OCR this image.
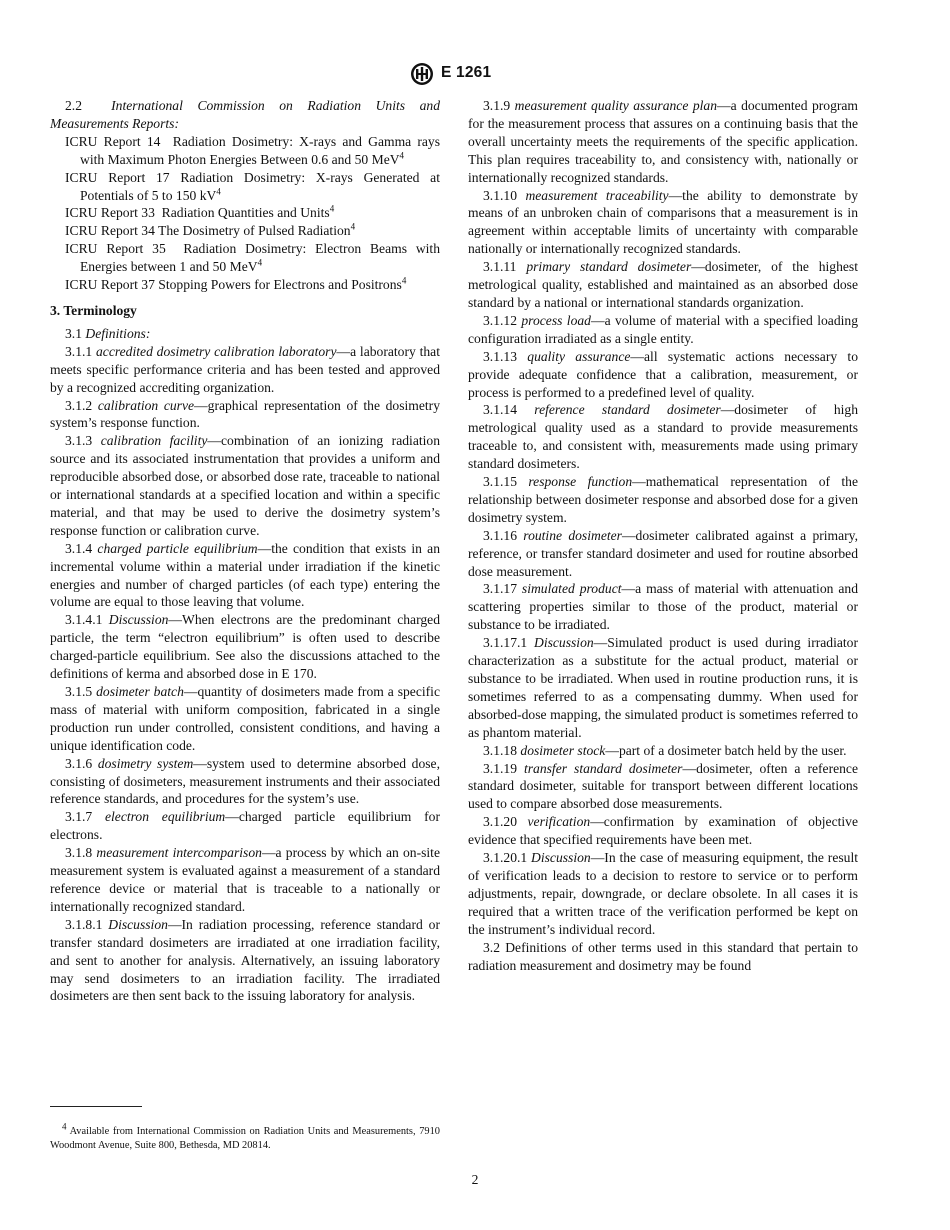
E 1261

2.2 International Commission on Radiation Units and Measurements Reports:

ICRU Report 14 Radiation Dosimetry: X-rays and Gamma rays with Maximum Photon Energies Between 0.6 and 50 MeV$^4$

ICRU Report 17 Radiation Dosimetry: X-rays Generated at Potentials of 5 to 150 $kV^4$

ICRU Report 33 Radiation Quantities and Units$^4$

ICRU Report 34 The Dosimetry of Pulsed Radiation$^4$

ICRU Report 35 Radiation Dosimetry: Electron Beams with Energies between 1 and 50 MeV$^4$

ICRU Report 37 Stopping Powers for Electrons and Positrons$^4$

3. Terminology

3.1 Definitions:

3.1.1 accredited dosimetry calibration laboratory—a laboratory that meets specific performance criteria and has been tested and approved by a recognized accrediting organization.

3.1.2 calibration curve—graphical representation of the dosimetry system’s response function.

3.1.3 calibration facility—combination of an ionizing radiation source and its associated instrumentation that provides a uniform and reproducible absorbed dose, or absorbed dose rate, traceable to national or international standards at a specified location and within a specific material, and that may be used to derive the dosimetry system’s response function or calibration curve.

3.1.4 charged particle equilibrium—the condition that exists in an incremental volume within a material under irradiation if the kinetic energies and number of charged particles (of each type) entering the volume are equal to those leaving that volume.

3.1.4.1 Discussion—When electrons are the predominant charged particle, the term “electron equilibrium” is often used to describe charged-particle equilibrium. See also the discussions attached to the definitions of kerma and absorbed dose in E 170.

3.1.5 dosimeter batch—quantity of dosimeters made from a specific mass of material with uniform composition, fabricated in a single production run under controlled, consistent conditions, and having a unique identification code.

3.1.6 dosimetry system—system used to determine absorbed dose, consisting of dosimeters, measurement instruments and their associated reference standards, and procedures for the system’s use.

3.1.7 electron equilibrium—charged particle equilibrium for electrons.

3.1.8 measurement intercomparison—a process by which an on-site measurement system is evaluated against a measurement of a standard reference device or material that is traceable to a nationally or internationally recognized standard.

3.1.8.1 Discussion—In radiation processing, reference standard or transfer standard dosimeters are irradiated at one irradiation facility, and sent to another for analysis. Alternatively, an issuing laboratory may send dosimeters to an irradiation facility. The irradiated dosimeters are then sent back to the issuing laboratory for analysis.

$^4$ Available from International Commission on Radiation Units and Measurements, 7910 Woodmont Avenue, Suite 800, Bethesda, MD 20814.

3.1.9 measurement quality assurance plan—a documented program for the measurement process that assures on a continuing basis that the overall uncertainty meets the requirements of the specific application. This plan requires traceability to, and consistency with, nationally or internationally recognized standards.

3.1.10 measurement traceability—the ability to demonstrate by means of an unbroken chain of comparisons that a measurement is in agreement within acceptable limits of uncertainty with comparable nationally or internationally recognized standards.

3.1.11 primary standard dosimeter—dosimeter, of the highest metrological quality, established and maintained as an absorbed dose standard by a national or international standards organization.

3.1.12 process load—a volume of material with a specified loading configuration irradiated as a single entity.

3.1.13 quality assurance—all systematic actions necessary to provide adequate confidence that a calibration, measurement, or process is performed to a predefined level of quality.

3.1.14 reference standard dosimeter—dosimeter of high metrological quality used as a standard to provide measurements traceable to, and consistent with, measurements made using primary standard dosimeters.

3.1.15 response function—mathematical representation of the relationship between dosimeter response and absorbed dose for a given dosimetry system.

3.1.16 routine dosimeter—dosimeter calibrated against a primary, reference, or transfer standard dosimeter and used for routine absorbed dose measurement.

3.1.17 simulated product—a mass of material with attenuation and scattering properties similar to those of the product, material or substance to be irradiated.

3.1.17.1 Discussion—Simulated product is used during irradiator characterization as a substitute for the actual product, material or substance to be irradiated. When used in routine production runs, it is sometimes referred to as a compensating dummy. When used for absorbed-dose mapping, the simulated product is sometimes referred to as phantom material.

3.1.18 dosimeter stock—part of a dosimeter batch held by the user.

3.1.19 transfer standard dosimeter—dosimeter, often a reference standard dosimeter, suitable for transport between different locations used to compare absorbed dose measurements.

3.1.20 verification—confirmation by examination of objective evidence that specified requirements have been met.

3.1.20.1 Discussion—In the case of measuring equipment, the result of verification leads to a decision to restore to service or to perform adjustments, repair, downgrade, or declare obsolete. In all cases it is required that a written trace of the verification performed be kept on the instrument’s individual record.

3.2 Definitions of other terms used in this standard that pertain to radiation measurement and dosimetry may be found

2
